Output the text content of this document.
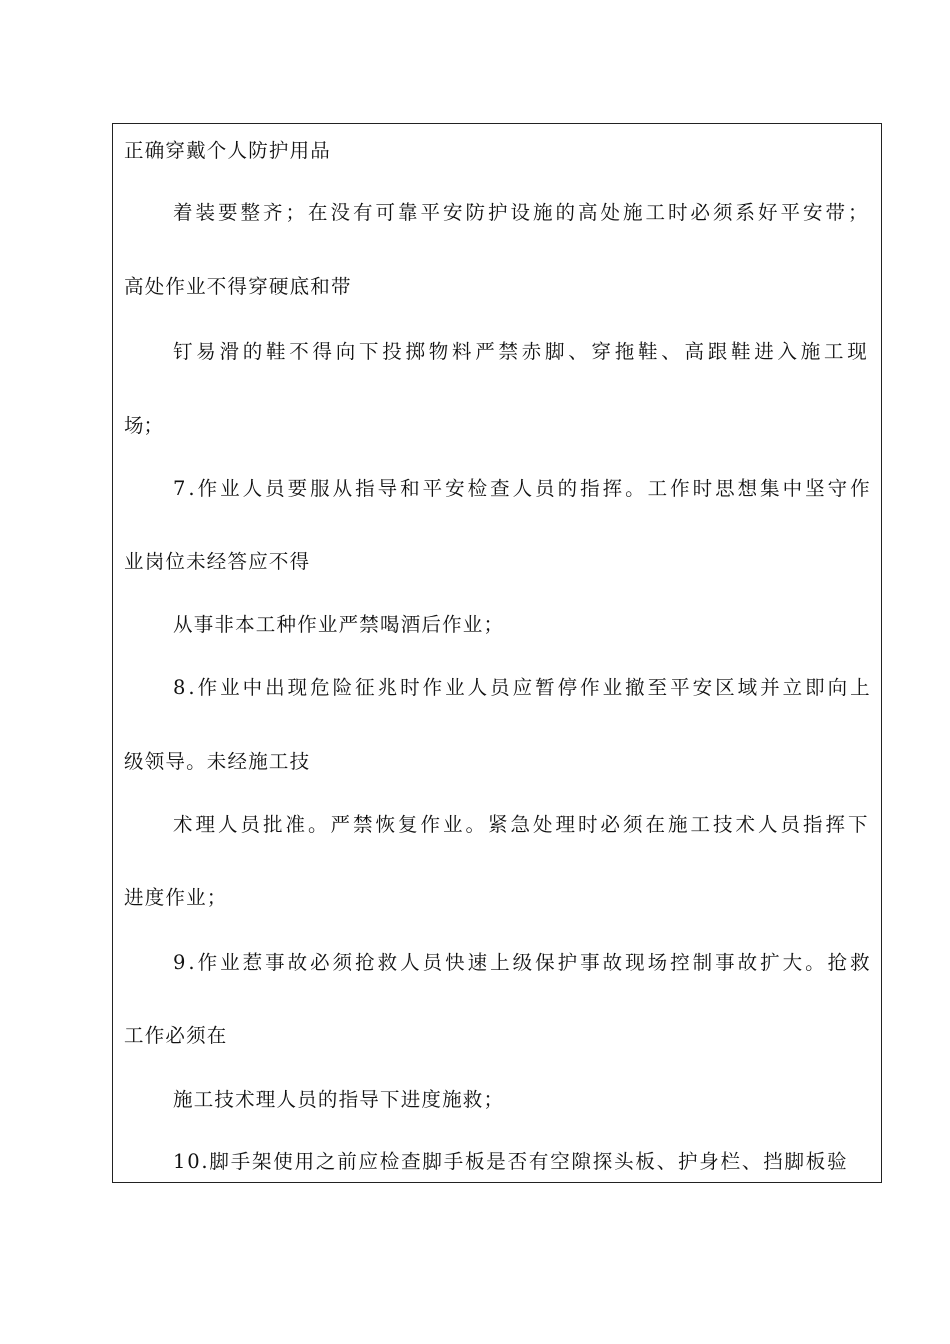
正确穿戴个人防护用品
着装要整齐；在没有可靠平安防护设施的高处施工时必须系好平安带；
高处作业不得穿硬底和带
钉易滑的鞋不得向下投掷物料严禁赤脚、穿拖鞋、高跟鞋进入施工现
场；
7.作业人员要服从指导和平安检查人员的指挥。工作时思想集中坚守作
业岗位未经答应不得
从事非本工种作业严禁喝酒后作业；
8.作业中出现危险征兆时作业人员应暂停作业撤至平安区域并立即向上
级领导。未经施工技
术理人员批准。严禁恢复作业。紧急处理时必须在施工技术人员指挥下
进度作业；
9.作业惹事故必须抢救人员快速上级保护事故现场控制事故扩大。抢救
工作必须在
施工技术理人员的指导下进度施救；
10.脚手架使用之前应检查脚手板是否有空隙探头板、护身栏、挡脚板验
